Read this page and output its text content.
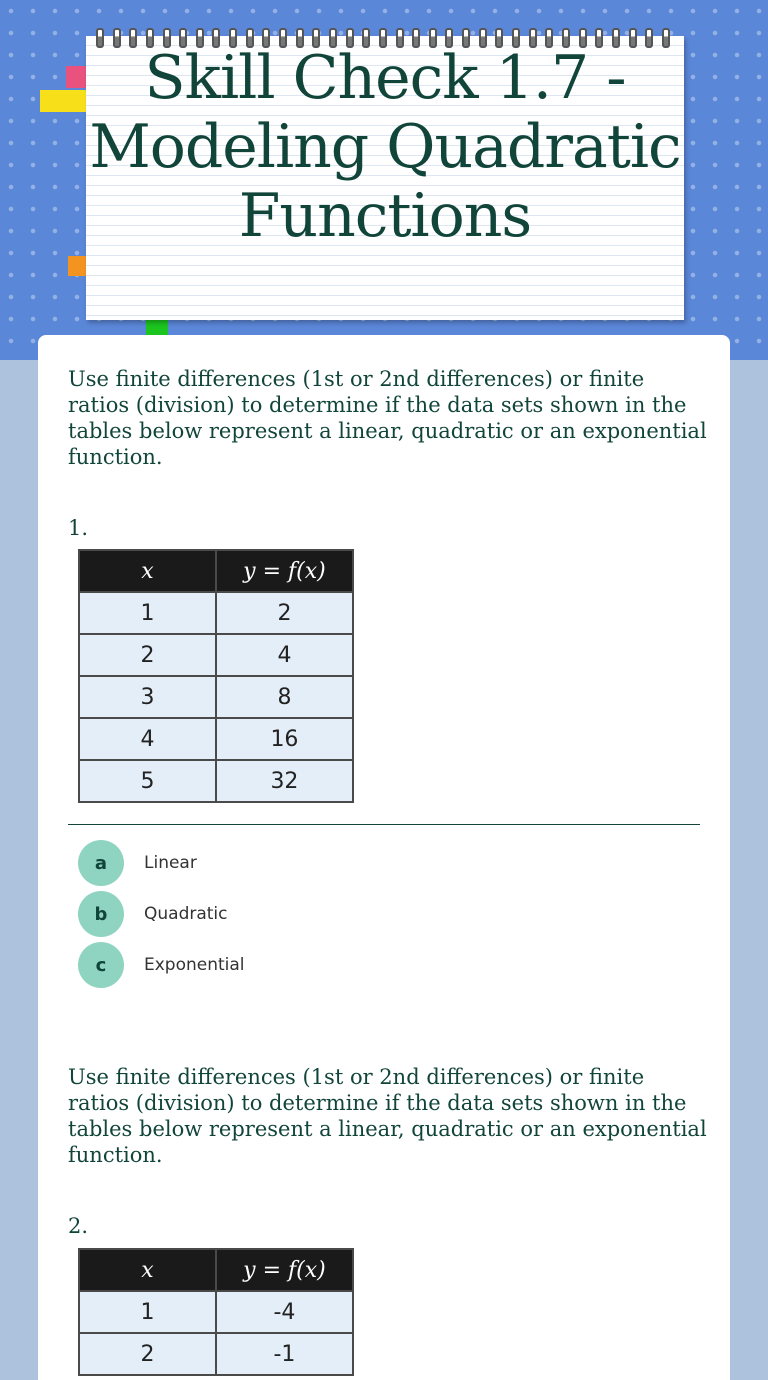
Skill Check 1.7 - Modeling Quadratic Functions
Use finite differences (1st or 2nd differences) or finite ratios (division) to determine if the data sets shown in the tables below represent a linear, quadratic or an exponential function.
1.
x	y = f(x)
1	2
2	4
3	8
4	16
5	32
a	Linear
b	Quadratic
c	Exponential
Use finite differences (1st or 2nd differences) or finite ratios (division) to determine if the data sets shown in the tables below represent a linear, quadratic or an exponential function.
2.
x	y = f(x)
1	-4
2	-1
